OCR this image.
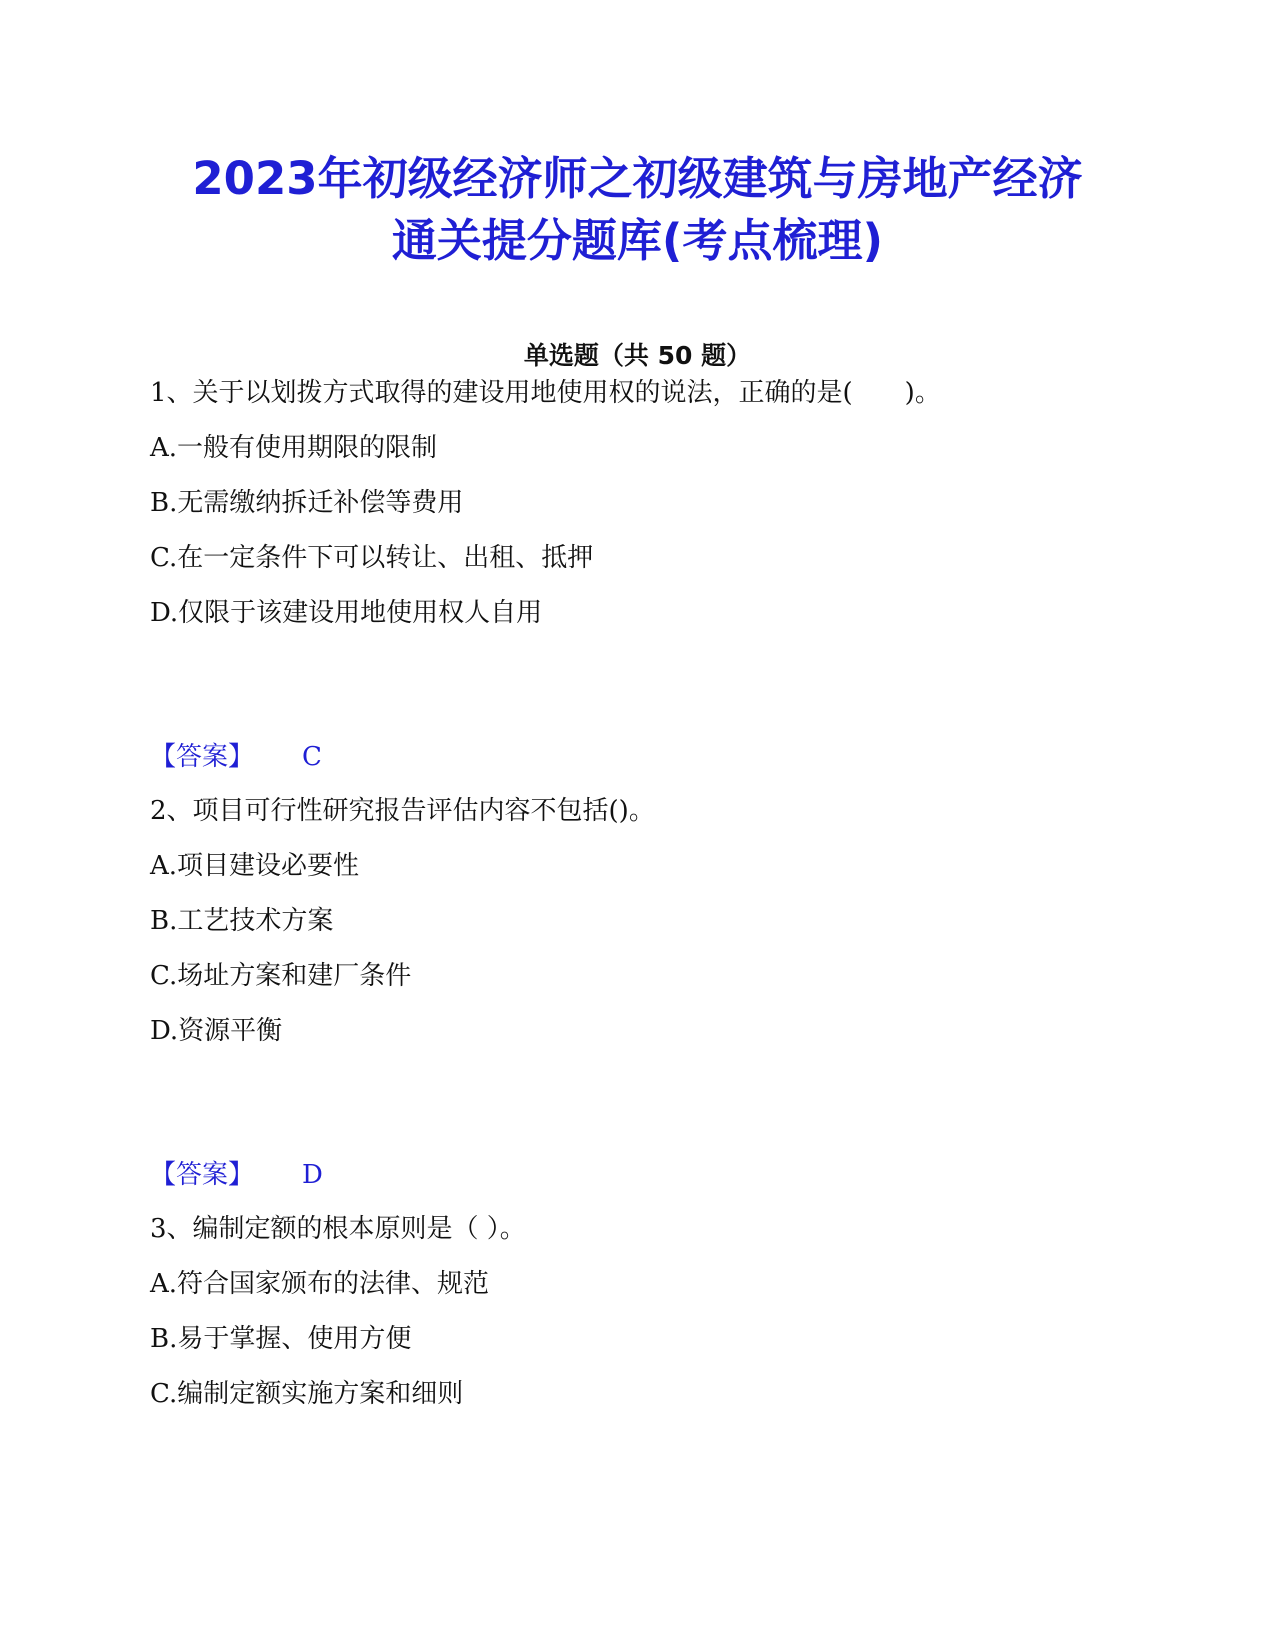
2023年初级经济师之初级建筑与房地产经济
通关提分题库(考点梳理)

单选题（共 50 题）

1、关于以划拨方式取得的建设用地使用权的说法，正确的是(　　)。

A.一般有使用期限的限制

B.无需缴纳拆迁补偿等费用

C.在一定条件下可以转让、出租、抵押

D.仅限于该建设用地使用权人自用

【答案】 C

2、项目可行性研究报告评估内容不包括()。

A.项目建设必要性

B.工艺技术方案

C.场址方案和建厂条件

D.资源平衡

【答案】 D

3、编制定额的根本原则是（ ）。

A.符合国家颁布的法律、规范

B.易于掌握、使用方便

C.编制定额实施方案和细则
